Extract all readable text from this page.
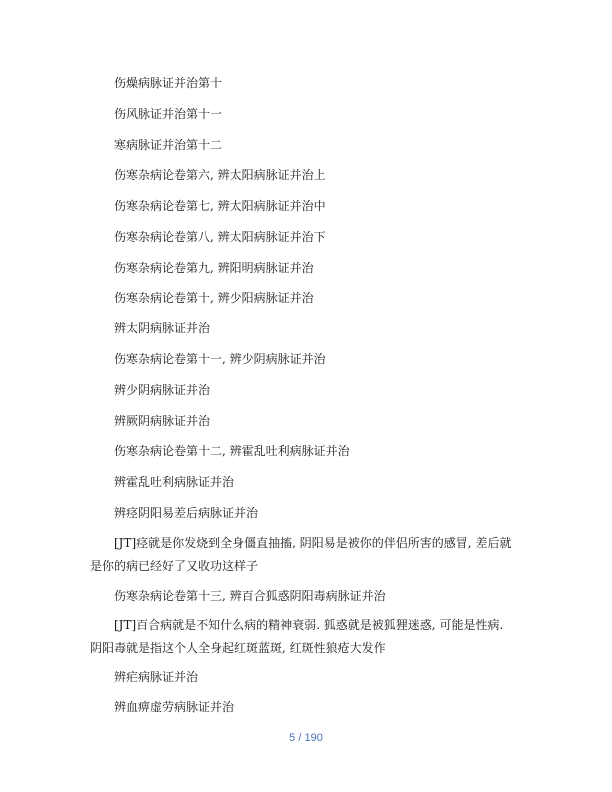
伤燥病脉证并治第十
伤风脉证并治第十一
寒病脉证并治第十二
伤寒杂病论卷第六, 辨太阳病脉证并治上
伤寒杂病论卷第七, 辨太阳病脉证并治中
伤寒杂病论卷第八, 辨太阳病脉证并治下
伤寒杂病论卷第九, 辨阳明病脉证并治
伤寒杂病论卷第十, 辨少阳病脉证并治
辨太阴病脉证并治
伤寒杂病论卷第十一, 辨少阴病脉证并治
辨少阴病脉证并治
辨厥阴病脉证并治
伤寒杂病论卷第十二, 辨霍乱吐利病脉证并治
辨霍乱吐利病脉证并治
辨痉阴阳易差后病脉证并治
[JT]痉就是你发烧到全身僵直抽搐, 阴阳易是被你的伴侣所害的感冒, 差后就
是你的病已经好了又收功这样子
伤寒杂病论卷第十三, 辨百合狐惑阴阳毒病脉证并治
[JT]百合病就是不知什么病的精神衰弱. 狐惑就是被狐狸迷惑, 可能是性病.
阴阳毒就是指这个人全身起红斑蓝斑, 红斑性狼疮大发作
辨疟病脉证并治
辨血痹虚劳病脉证并治
5 / 190
